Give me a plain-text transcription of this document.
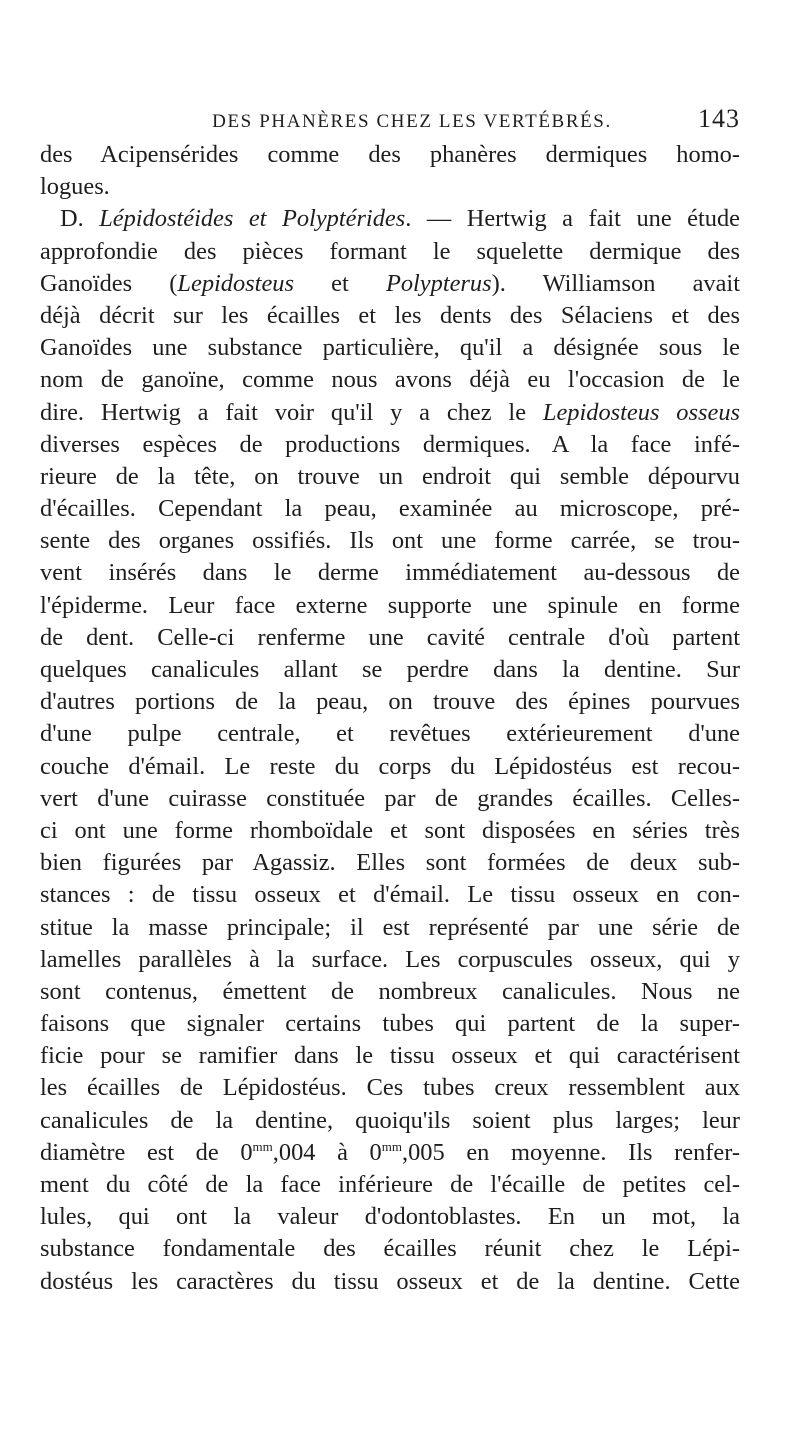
DES PHANÈRES CHEZ LES VERTÉBRÉS.	143
des Acipensérides comme des phanères dermiques homo-
logues.
D. Lépidostéides et Polyptérides. — Hertwig a fait une étude
approfondie des pièces formant le squelette dermique des
Ganoïdes (Lepidosteus et Polypterus). Williamson avait
déjà décrit sur les écailles et les dents des Sélaciens et des
Ganoïdes une substance particulière, qu'il a désignée sous le
nom de ganoïne, comme nous avons déjà eu l'occasion de le
dire. Hertwig a fait voir qu'il y a chez le Lepidosteus osseus
diverses espèces de productions dermiques. A la face infé-
rieure de la tête, on trouve un endroit qui semble dépourvu
d'écailles. Cependant la peau, examinée au microscope, pré-
sente des organes ossifiés. Ils ont une forme carrée, se trou-
vent insérés dans le derme immédiatement au-dessous de
l'épiderme. Leur face externe supporte une spinule en forme
de dent. Celle-ci renferme une cavité centrale d'où partent
quelques canalicules allant se perdre dans la dentine. Sur
d'autres portions de la peau, on trouve des épines pourvues
d'une pulpe centrale, et revêtues extérieurement d'une
couche d'émail. Le reste du corps du Lépidostéus est recou-
vert d'une cuirasse constituée par de grandes écailles. Celles-
ci ont une forme rhomboïdale et sont disposées en séries très
bien figurées par Agassiz. Elles sont formées de deux sub-
stances : de tissu osseux et d'émail. Le tissu osseux en con-
stitue la masse principale; il est représenté par une série de
lamelles parallèles à la surface. Les corpuscules osseux, qui y
sont contenus, émettent de nombreux canalicules. Nous ne
faisons que signaler certains tubes qui partent de la super-
ficie pour se ramifier dans le tissu osseux et qui caractérisent
les écailles de Lépidostéus. Ces tubes creux ressemblent aux
canalicules de la dentine, quoiqu'ils soient plus larges; leur
diamètre est de $0^{mm},004$ à $0^{mm},005$ en moyenne. Ils renfer-
ment du côté de la face inférieure de l'écaille de petites cel-
lules, qui ont la valeur d'odontoblastes. En un mot, la
substance fondamentale des écailles réunit chez le Lépi-
dostéus les caractères du tissu osseux et de la dentine. Cette
